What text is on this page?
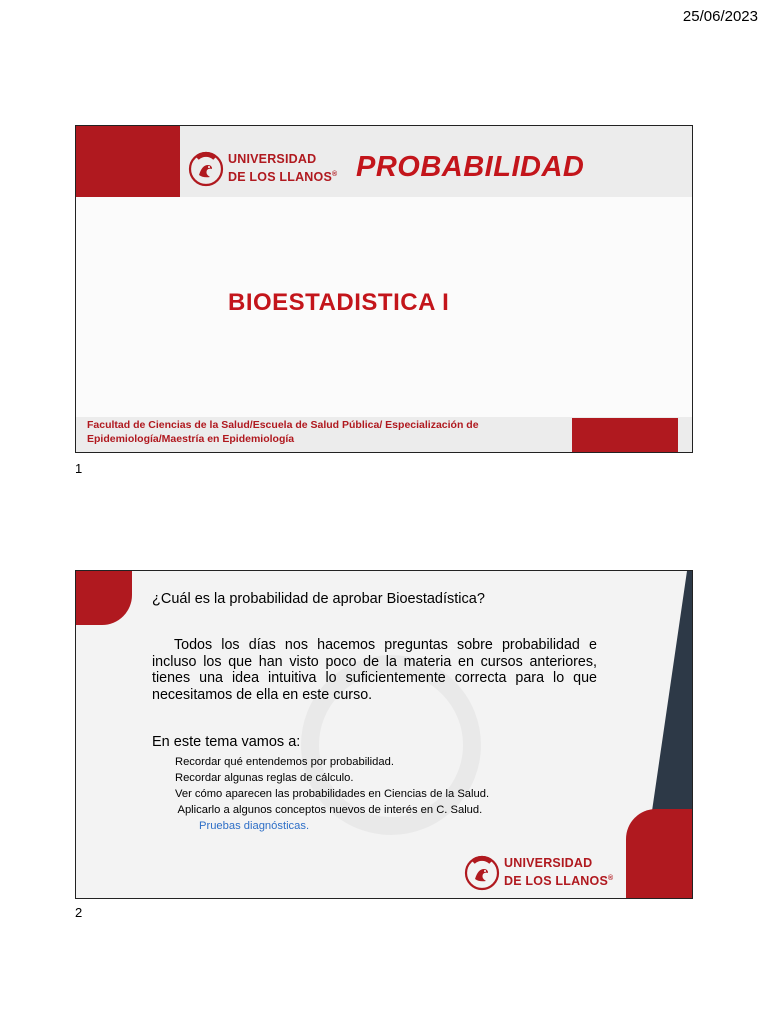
25/06/2023
UNIVERSIDAD
DE LOS LLANOS® PROBABILIDAD
BIOESTADISTICA I
Facultad de Ciencias de la Salud/Escuela de Salud Pública/ Especialización de
Epidemiología/Maestría en Epidemiología
1
¿Cuál es la probabilidad de aprobar Bioestadística?

Todos los días nos hacemos preguntas sobre probabilidad e incluso los que han visto poco de la materia en cursos anteriores, tienes una idea intuitiva lo suficientemente correcta para lo que necesitamos de ella en este curso.

En este tema vamos a:
Recordar qué entendemos por probabilidad.
Recordar algunas reglas de cálculo.
Ver cómo aparecen las probabilidades en Ciencias de la Salud.
Aplicarlo a algunos conceptos nuevos de interés en C. Salud.
Pruebas diagnósticas.
UNIVERSIDAD
DE LOS LLANOS®
2
